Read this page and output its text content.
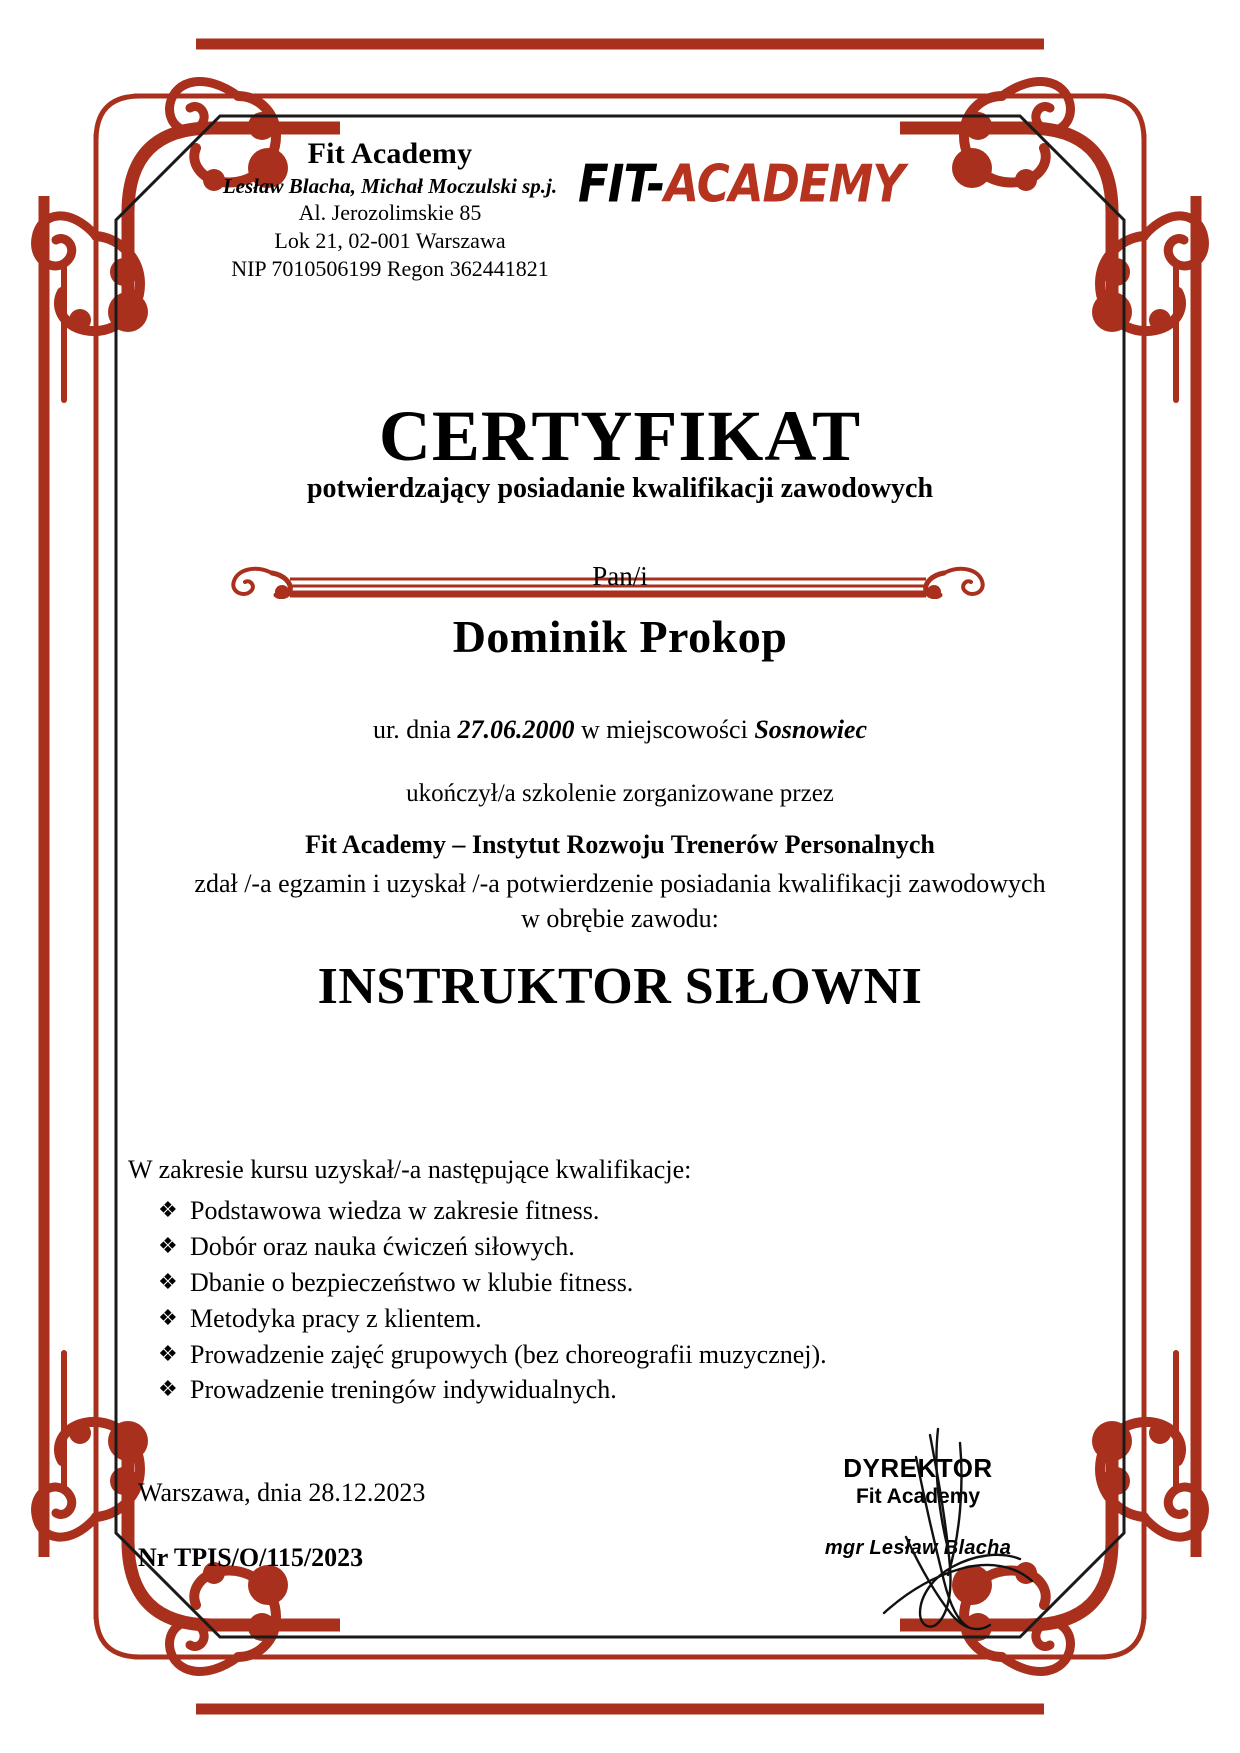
Fit Academy
Lesław Blacha, Michał Moczulski sp.j.
Al. Jerozolimskie 85
Lok 21, 02-001 Warszawa
NIP 7010506199 Regon 362441821
FIT-ACADEMY
CERTYFIKAT
potwierdzający posiadanie kwalifikacji zawodowych
Pan/i
Dominik Prokop
ur. dnia 27.06.2000 w miejscowości Sosnowiec
ukończył/a szkolenie zorganizowane przez
Fit Academy – Instytut Rozwoju Trenerów Personalnych
zdał /-a egzamin i uzyskał /-a potwierdzenie posiadania kwalifikacji zawodowych
w obrębie zawodu:
INSTRUKTOR SIŁOWNI
W zakresie kursu uzyskał/-a następujące kwalifikacje:
❖ Podstawowa wiedza w zakresie fitness.
❖ Dobór oraz nauka ćwiczeń siłowych.
❖ Dbanie o bezpieczeństwo w klubie fitness.
❖ Metodyka pracy z klientem.
❖ Prowadzenie zajęć grupowych (bez choreografii muzycznej).
❖ Prowadzenie treningów indywidualnych.
Warszawa, dnia 28.12.2023
Nr TPIS/O/115/2023
DYREKTOR
Fit Academy
mgr Lesław Blacha
